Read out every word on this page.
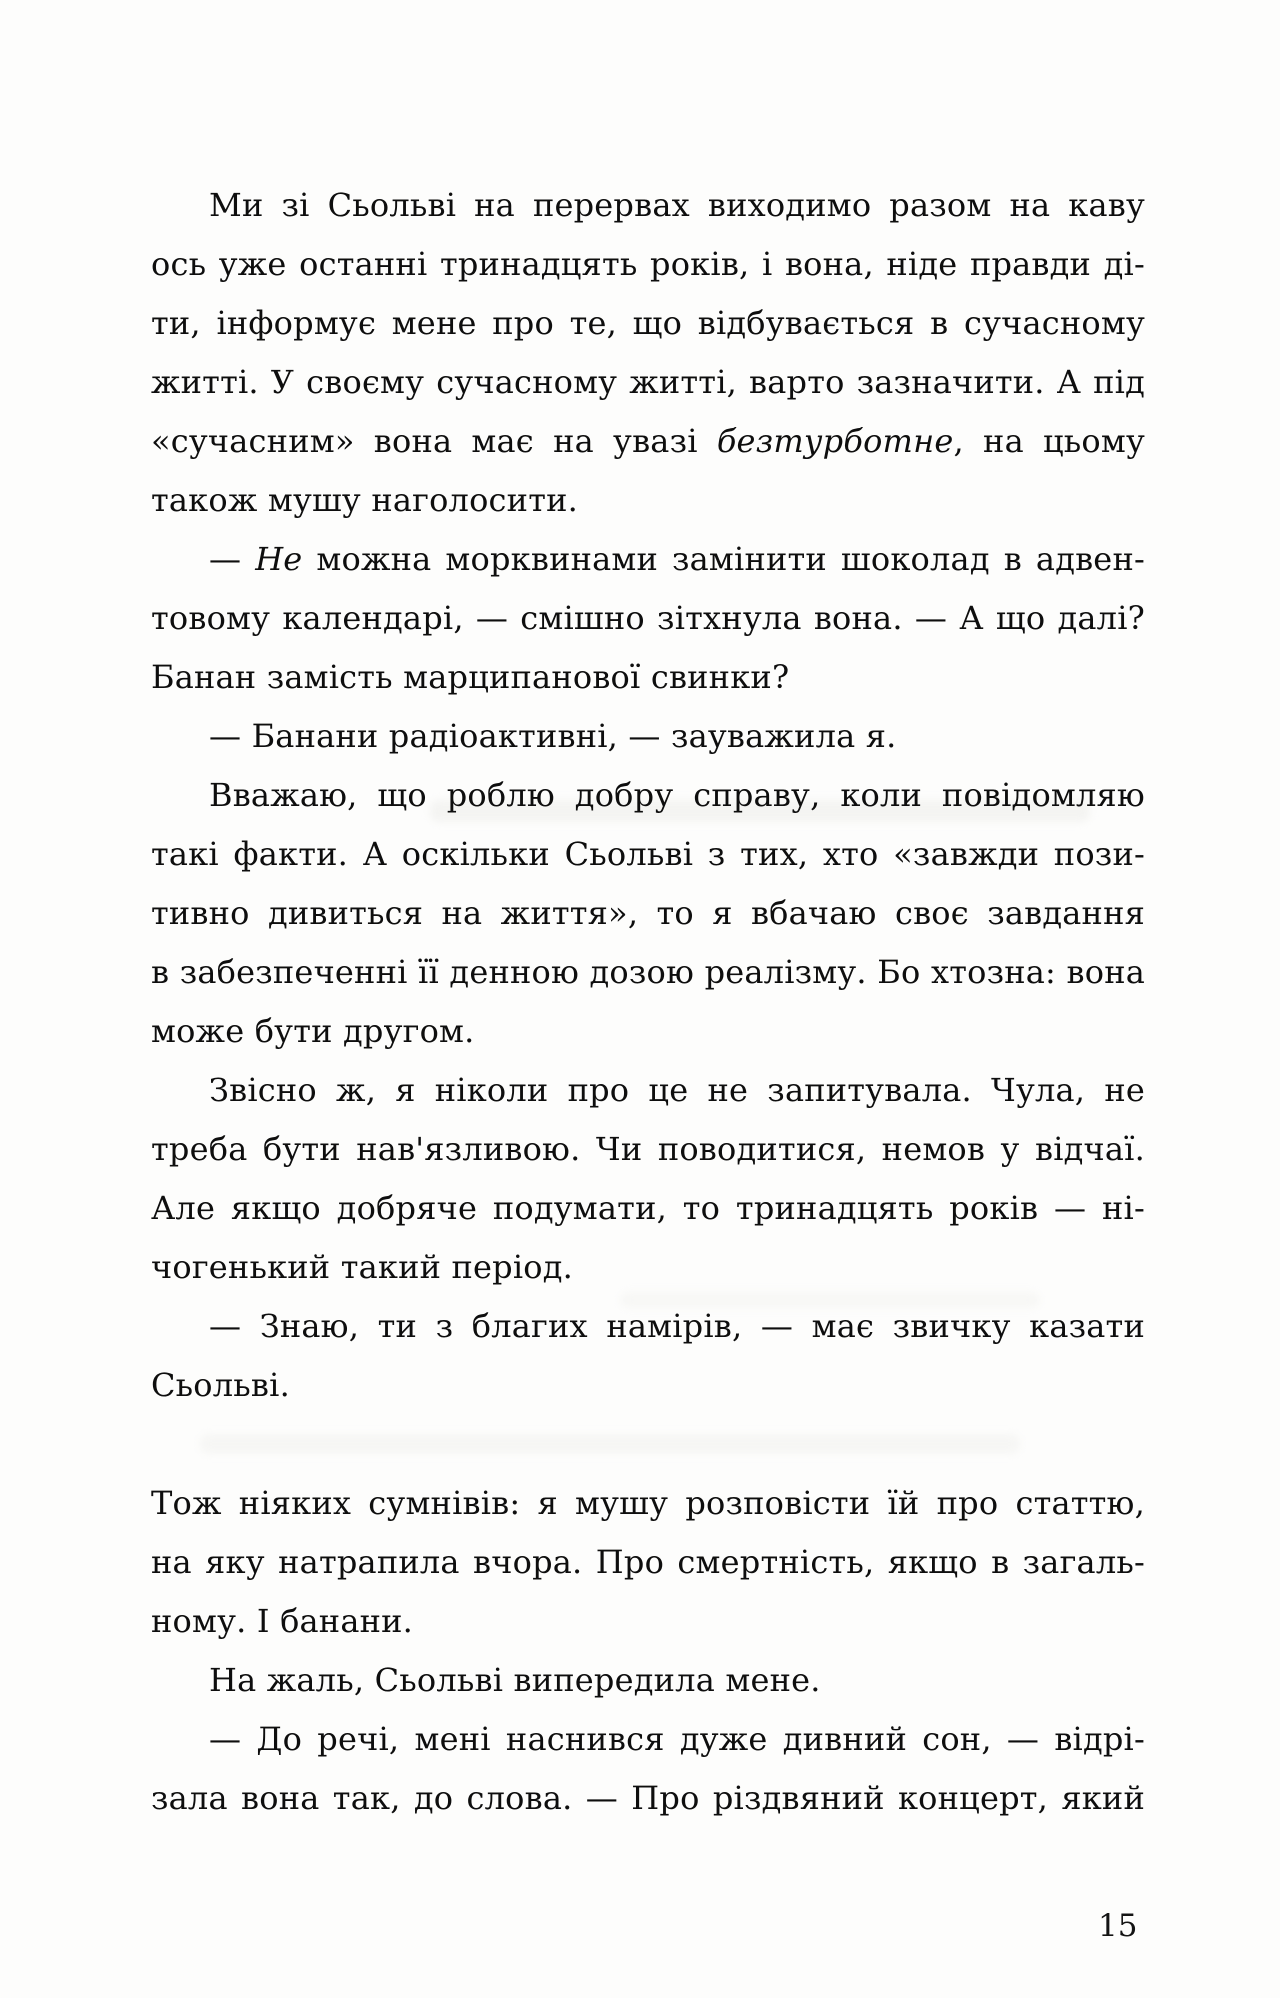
Ми зі Сьольві на перервах виходимо разом на каву
ось уже останні тринадцять років, і вона, ніде правди ді-
ти, інформує мене про те, що відбувається в сучасному
житті. У своєму сучасному житті, варто зазначити. А під
«сучасним» вона має на увазі безтурботне, на цьому
також мушу наголосити.
— Не можна морквинами замінити шоколад в адвен-
товому календарі, — смішно зітхнула вона. — А що далі?
Банан замість марципанової свинки?
— Банани радіоактивні, — зауважила я.
Вважаю, що роблю добру справу, коли повідомляю
такі факти. А оскільки Сьольві з тих, хто «завжди пози-
тивно дивиться на життя», то я вбачаю своє завдання
в забезпеченні її денною дозою реалізму. Бо хтозна: вона
може бути другом.
Звісно ж, я ніколи про це не запитувала. Чула, не
треба бути нав'язливою. Чи поводитися, немов у відчаї.
Але якщо добряче подумати, то тринадцять років — ні-
чогенький такий період.
— Знаю, ти з благих намірів, — має звичку казати
Сьольві.
Тож ніяких сумнівів: я мушу розповісти їй про статтю,
на яку натрапила вчора. Про смертність, якщо в загаль-
ному. І банани.
На жаль, Сьольві випередила мене.
— До речі, мені наснився дуже дивний сон, — відрі-
зала вона так, до слова. — Про різдвяний концерт, який
15
